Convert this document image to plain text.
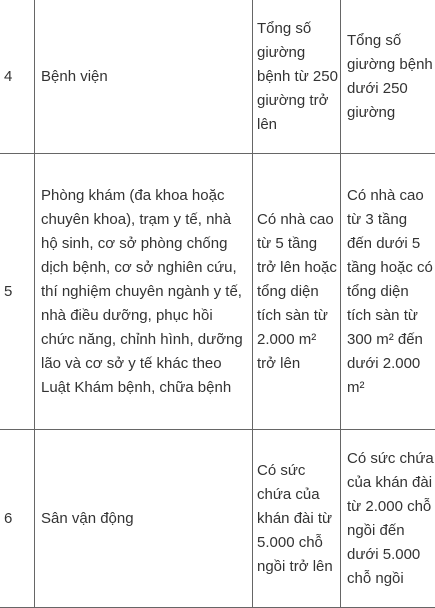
4	Bệnh viện	Tổng số giường bệnh từ 250 giường trở lên	Tổng số giường bệnh dưới 250 giường

5	Phòng khám (đa khoa hoặc chuyên khoa), trạm y tế, nhà hộ sinh, cơ sở phòng chống dịch bệnh, cơ sở nghiên cứu, thí nghiệm chuyên ngành y tế, nhà điều dưỡng, phục hồi chức năng, chỉnh hình, dưỡng lão và cơ sở y tế khác theo Luật Khám bệnh, chữa bệnh	Có nhà cao từ 5 tầng trở lên hoặc tổng diện tích sàn từ 2.000 m² trở lên	Có nhà cao từ 3 tầng đến dưới 5 tầng hoặc có tổng diện tích sàn từ 300 m² đến dưới 2.000 m²

6	Sân vận động	Có sức chứa của khán đài từ 5.000 chỗ ngồi trở lên	Có sức chứa của khán đài từ 2.000 chỗ ngồi đến dưới 5.000 chỗ ngồi
